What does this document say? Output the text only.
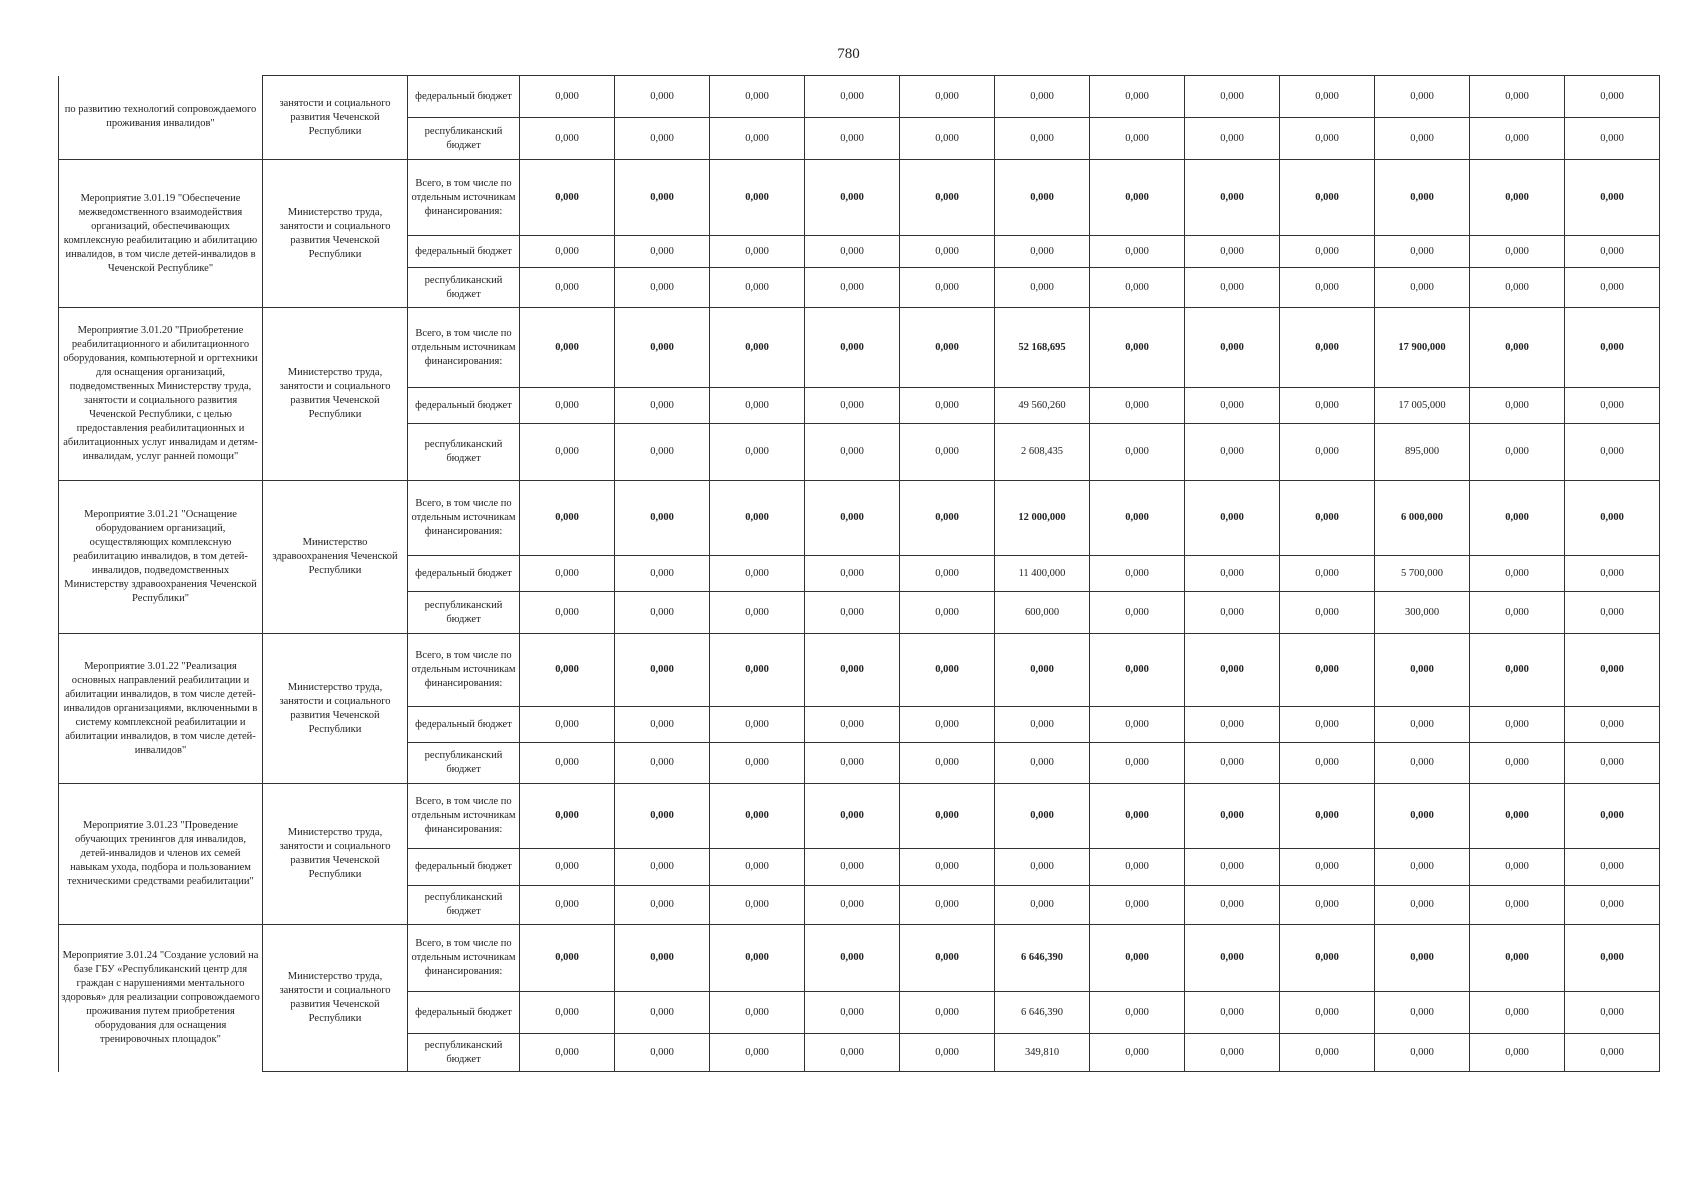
780
по развитию технологий сопровождаемого проживания инвалидов"	занятости и социального развития Чеченской Республики	федеральный бюджет	0,000	0,000	0,000	0,000	0,000	0,000	0,000	0,000	0,000	0,000	0,000	0,000
		республиканский бюджет	0,000	0,000	0,000	0,000	0,000	0,000	0,000	0,000	0,000	0,000	0,000	0,000
Мероприятие 3.01.19 "Обеспечение межведомственного взаимодействия организаций, обеспечивающих комплексную реабилитацию и абилитацию инвалидов, в том числе детей-инвалидов в Чеченской Республике"	Министерство труда, занятости и социального развития Чеченской Республики	Всего, в том числе по отдельным источникам финансирования:	0,000	0,000	0,000	0,000	0,000	0,000	0,000	0,000	0,000	0,000	0,000	0,000
		федеральный бюджет	0,000	0,000	0,000	0,000	0,000	0,000	0,000	0,000	0,000	0,000	0,000	0,000
		республиканский бюджет	0,000	0,000	0,000	0,000	0,000	0,000	0,000	0,000	0,000	0,000	0,000	0,000
Мероприятие 3.01.20 "Приобретение реабилитационного и абилитационного оборудования, компьютерной и оргтехники для оснащения организаций, подведомственных Министерству труда, занятости и социального развития Чеченской Республики, с целью предоставления реабилитационных и абилитационных услуг инвалидам и детям-инвалидам, услуг ранней помощи"	Министерство труда, занятости и социального развития Чеченской Республики	Всего, в том числе по отдельным источникам финансирования:	0,000	0,000	0,000	0,000	0,000	52 168,695	0,000	0,000	0,000	17 900,000	0,000	0,000
		федеральный бюджет	0,000	0,000	0,000	0,000	0,000	49 560,260	0,000	0,000	0,000	17 005,000	0,000	0,000
		республиканский бюджет	0,000	0,000	0,000	0,000	0,000	2 608,435	0,000	0,000	0,000	895,000	0,000	0,000
Мероприятие 3.01.21 "Оснащение оборудованием организаций, осуществляющих комплексную реабилитацию инвалидов, в том детей-инвалидов, подведомственных Министерству здравоохранения Чеченской Республики"	Министерство здравоохранения Чеченской Республики	Всего, в том числе по отдельным источникам финансирования:	0,000	0,000	0,000	0,000	0,000	12 000,000	0,000	0,000	0,000	6 000,000	0,000	0,000
		федеральный бюджет	0,000	0,000	0,000	0,000	0,000	11 400,000	0,000	0,000	0,000	5 700,000	0,000	0,000
		республиканский бюджет	0,000	0,000	0,000	0,000	0,000	600,000	0,000	0,000	0,000	300,000	0,000	0,000
Мероприятие 3.01.22 "Реализация основных направлений реабилитации и абилитации инвалидов, в том числе детей-инвалидов организациями, включенными в систему комплексной реабилитации и абилитации инвалидов, в том числе детей-инвалидов"	Министерство труда, занятости и социального развития Чеченской Республики	Всего, в том числе по отдельным источникам финансирования:	0,000	0,000	0,000	0,000	0,000	0,000	0,000	0,000	0,000	0,000	0,000	0,000
		федеральный бюджет	0,000	0,000	0,000	0,000	0,000	0,000	0,000	0,000	0,000	0,000	0,000	0,000
		республиканский бюджет	0,000	0,000	0,000	0,000	0,000	0,000	0,000	0,000	0,000	0,000	0,000	0,000
Мероприятие 3.01.23 "Проведение обучающих тренингов для инвалидов, детей-инвалидов и членов их семей навыкам ухода, подбора и пользованием техническими средствами реабилитации"	Министерство труда, занятости и социального развития Чеченской Республики	Всего, в том числе по отдельным источникам финансирования:	0,000	0,000	0,000	0,000	0,000	0,000	0,000	0,000	0,000	0,000	0,000	0,000
		федеральный бюджет	0,000	0,000	0,000	0,000	0,000	0,000	0,000	0,000	0,000	0,000	0,000	0,000
		республиканский бюджет	0,000	0,000	0,000	0,000	0,000	0,000	0,000	0,000	0,000	0,000	0,000	0,000
Мероприятие 3.01.24 "Создание условий на базе ГБУ «Республиканский центр для граждан с нарушениями ментального здоровья» для реализации сопровождаемого проживания путем приобретения оборудования для оснащения тренировочных площадок"	Министерство труда, занятости и социального развития Чеченской Республики	Всего, в том числе по отдельным источникам финансирования:	0,000	0,000	0,000	0,000	0,000	6 646,390	0,000	0,000	0,000	0,000	0,000	0,000
		федеральный бюджет	0,000	0,000	0,000	0,000	0,000	6 646,390	0,000	0,000	0,000	0,000	0,000	0,000
		республиканский бюджет	0,000	0,000	0,000	0,000	0,000	349,810	0,000	0,000	0,000	0,000	0,000	0,000
